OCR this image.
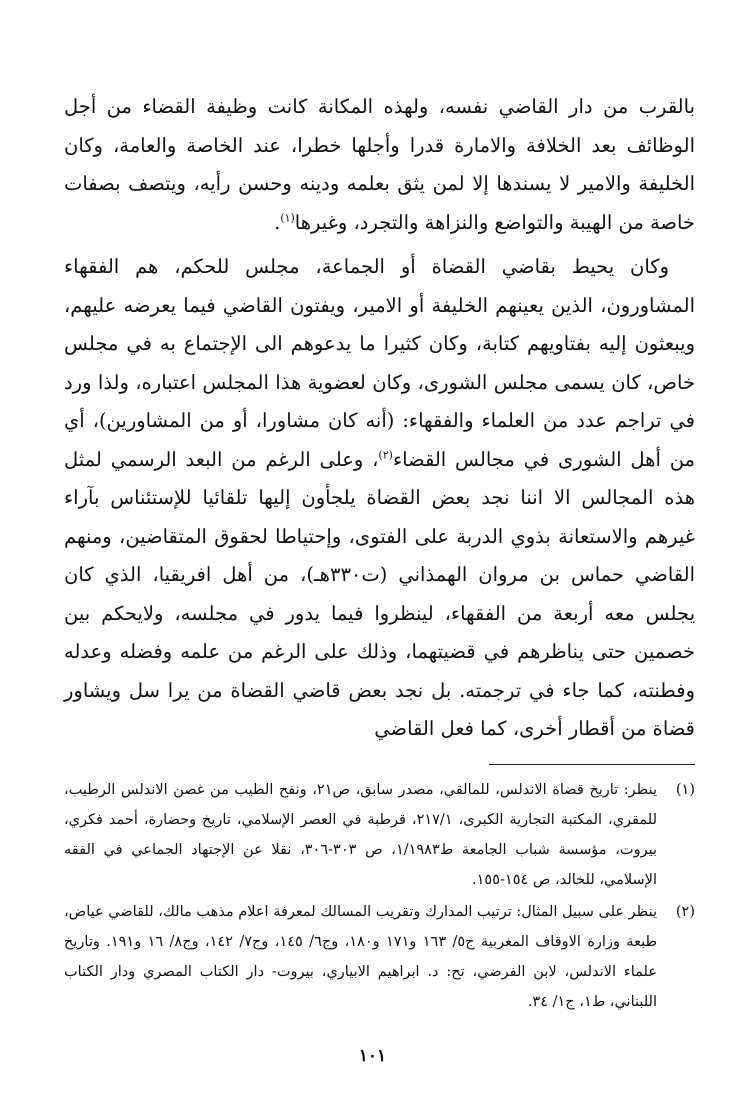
بالقرب من دار القاضي نفسه، ولهذه المكانة كانت وظيفة القضاء من أجل الوظائف بعد الخلافة والامارة قدرا وأجلها خطرا، عند الخاصة والعامة، وكان الخليفة والامير لا يسندها إلا لمن يثق بعلمه ودينه وحسن رأيه، ويتصف بصفات خاصة من الهيبة والتواضع والنزاهة والتجرد، وغيرها$^{(١)}$.

وكان يحيط بقاضي القضاة أو الجماعة، مجلس للحكم، هم الفقهاء المشاورون، الذين يعينهم الخليفة أو الامير، ويفتون القاضي فيما يعرضه عليهم، ويبعثون إليه بفتاويهم كتابة، وكان كثيرا ما يدعوهم الى الإجتماع به في مجلس خاص، كان يسمى مجلس الشورى، وكان لعضوية هذا المجلس اعتباره، ولذا ورد في تراجم عدد من العلماء والفقهاء: (أنه كان مشاورا، أو من المشاورين)، أي من أهل الشورى في مجالس القضاء$^{(٢)}$، وعلى الرغم من البعد الرسمي لمثل هذه المجالس الا اننا نجد بعض القضاة يلجأون إليها تلقائيا للإستئناس بآراء غيرهم والاستعانة بذوي الدربة على الفتوى، وإحتياطا لحقوق المتقاضين، ومنهم القاضي حماس بن مروان الهمذاني (ت٣٣٠هـ)، من أهل افريقيا، الذي كان يجلس معه أربعة من الفقهاء، لينظروا فيما يدور في مجلسه، ولايحكم بين خصمين حتى يناظرهم في قضيتهما، وذلك على الرغم من علمه وفضله وعدله وفطنته، كما جاء في ترجمته. بل نجد بعض قاضي القضاة من يرا سل ويشاور قضاة من أقطار أخرى، كما فعل القاضي

(١)
ينظر: تاريخ قضاة الاندلس، للمالقي، مصدر سابق، ص٢١، ونفح الطيب من غصن الاندلس الرطيب، للمقري، المكتبة التجارية الكبرى، ٢١٧/١، قرطبة في العصر الإسلامي، تاريخ وحضارة، أحمد فكري، بيروت، مؤسسة شباب الجامعة ط١/١٩٨٣، ص ٣٠٣-٣٠٦، نقلا عن الإجتهاد الجماعي في الفقه الإسلامي، للخالد، ص ١٥٤-١٥٥.
(٢)
ينظر على سبيل المثال: ترتيب المدارك وتقريب المسالك لمعرفة اعلام مذهب مالك، للقاضي عياض، طبعة وزارة الاوقاف المغربية ج٥/ ١٦٣ و١٧١ و١٨٠، وج٦/ ١٤٥، وج٧/ ١٤٢، وج٨/ ١٦ و١٩١. وتاريخ علماء الاندلس، لابن الفرضي، تح: د. ابراهيم الابياري، بيروت- دار الكتاب المصري ودار الكتاب اللبناني، ط١، ج١/ ٣٤.
١٠١
